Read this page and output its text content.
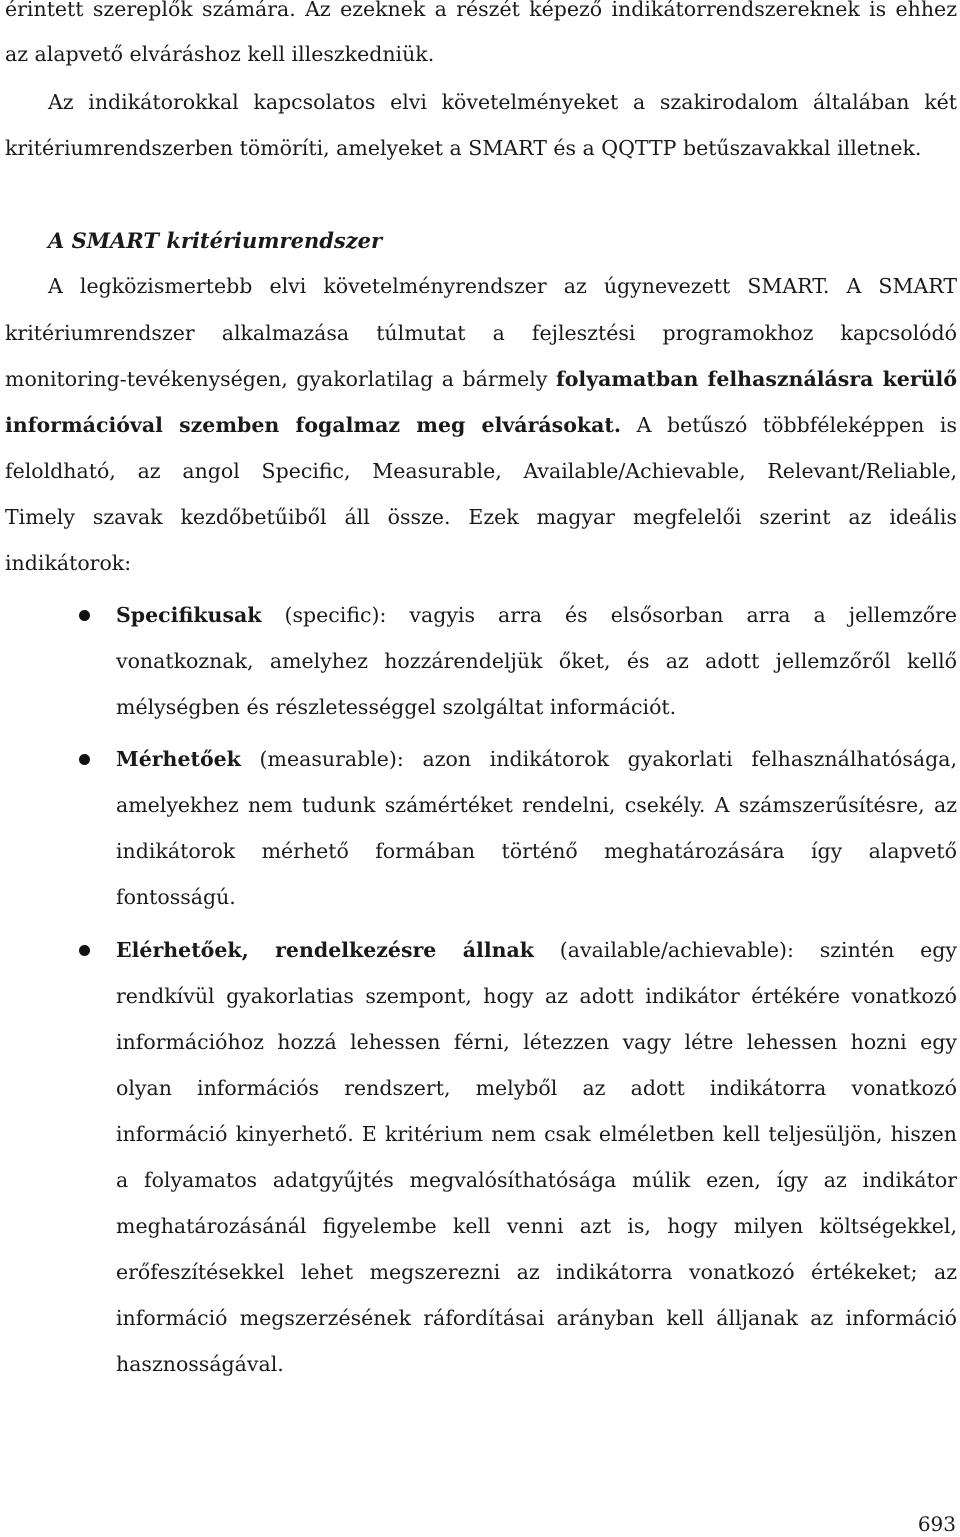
érintett szereplők számára. Az ezeknek a részét képező indikátorrendszereknek is ehhez
az alapvető elváráshoz kell illeszkedniük.
Az indikátorokkal kapcsolatos elvi követelményeket a szakirodalom általában két
kritériumrendszerben tömöríti, amelyeket a SMART és a QQTTP betűszavakkal illetnek.
A SMART kritériumrendszer
A legközismertebb elvi követelményrendszer az úgynevezett SMART. A SMART
kritériumrendszer alkalmazása túlmutat a fejlesztési programokhoz kapcsolódó
monitoring-tevékenységen, gyakorlatilag a bármely folyamatban felhasználásra kerülő
információval szemben fogalmaz meg elvárásokat. A betűszó többféleképpen is
feloldható, az angol Specific, Measurable, Available/Achievable, Relevant/Reliable,
Timely szavak kezdőbetűiből áll össze. Ezek magyar megfelelői szerint az ideális
indikátorok:
Specifikusak (specific): vagyis arra és elsősorban arra a jellemzőre
vonatkoznak, amelyhez hozzárendeljük őket, és az adott jellemzőről kellő
mélységben és részletességgel szolgáltat információt.
Mérhetőek (measurable): azon indikátorok gyakorlati felhasználhatósága,
amelyekhez nem tudunk számértéket rendelni, csekély. A számszerűsítésre, az
indikátorok mérhető formában történő meghatározására így alapvető
fontosságú.
Elérhetőek, rendelkezésre állnak (available/achievable): szintén egy
rendkívül gyakorlatias szempont, hogy az adott indikátor értékére vonatkozó
információhoz hozzá lehessen férni, létezzen vagy létre lehessen hozni egy
olyan információs rendszert, melyből az adott indikátorra vonatkozó
információ kinyerhető. E kritérium nem csak elméletben kell teljesüljön, hiszen
a folyamatos adatgyűjtés megvalósíthatósága múlik ezen, így az indikátor
meghatározásánál figyelembe kell venni azt is, hogy milyen költségekkel,
erőfeszítésekkel lehet megszerezni az indikátorra vonatkozó értékeket; az
információ megszerzésének ráfordításai arányban kell álljanak az információ
hasznosságával.
693
